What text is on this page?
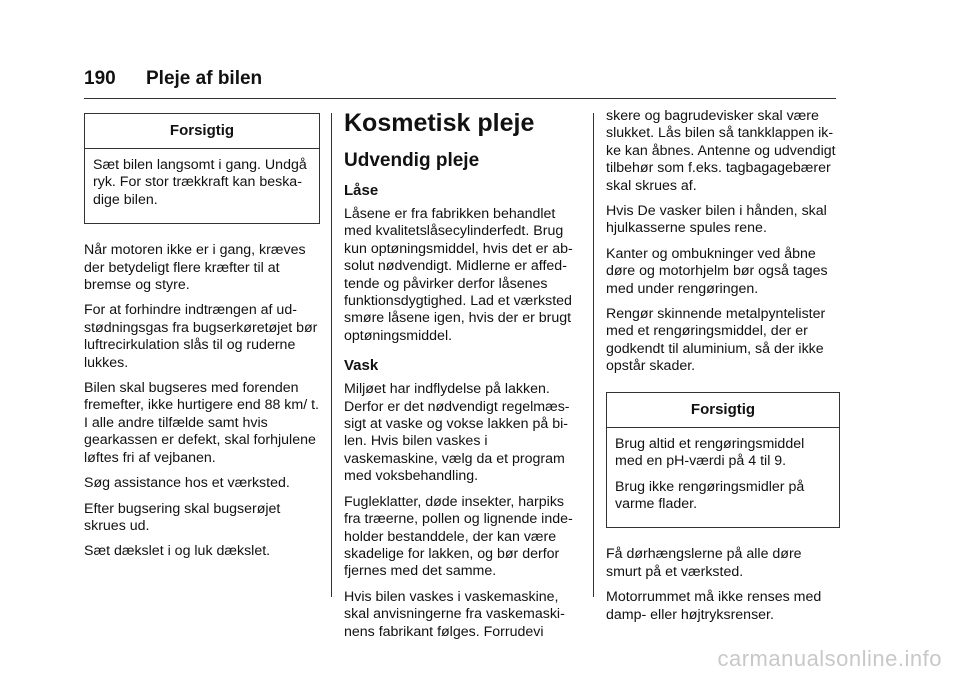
190 Pleje af bilen
Forsigtig

Sæt bilen langsomt i gang. Undgå ryk. For stor trækkraft kan beskadige bilen.

Når motoren ikke er i gang, kræves der betydeligt flere kræfter til at bremse og styre.

For at forhindre indtrængen af udstødningsgas fra bugserkøretøjet bør luftrecirkulation slås til og ruderne lukkes.

Bilen skal bugseres med forenden fremefter, ikke hurtigere end 88 km/ t. I alle andre tilfælde samt hvis gearkassen er defekt, skal forhjulene løftes fri af vejbanen.

Søg assistance hos et værksted.

Efter bugsering skal bugserøjet skrues ud.

Sæt dækslet i og luk dækslet.

Kosmetisk pleje
Udvendig pleje
Låse

Låsene er fra fabrikken behandlet med kvalitetslåsecylinderfedt. Brug kun optøningsmiddel, hvis det er absolut nødvendigt. Midlerne er affedtende og påvirker derfor låsenes funktionsdygtighed. Lad et værksted smøre låsene igen, hvis der er brugt optøningsmiddel.

Vask

Miljøet har indflydelse på lakken. Derfor er det nødvendigt regelmæssigt at vaske og vokse lakken på bilen. Hvis bilen vaskes i vaskemaskine, vælg da et program med voksbehandling.

Fugleklatter, døde insekter, harpiks fra træerne, pollen og lignende indeholder bestanddele, der kan være skadelige for lakken, og bør derfor fjernes med det samme.

Hvis bilen vaskes i vaskemaskine, skal anvisningerne fra vaskemaskinens fabrikant følges. Forrudevi

skere og bagrudevisker skal være slukket. Lås bilen så tankklappen ikke kan åbnes. Antenne og udvendigt tilbehør som f.eks. tagbagagebærer skal skrues af.

Hvis De vasker bilen i hånden, skal hjulkasserne spules rene.

Kanter og ombukninger ved åbne døre og motorhjelm bør også tages med under rengøringen.

Rengør skinnende metalpyntelister med et rengøringsmiddel, der er godkendt til aluminium, så der ikke opstår skader.

Forsigtig

Brug altid et rengøringsmiddel med en pH-værdi på 4 til 9.

Brug ikke rengøringsmidler på varme flader.

Få dørhængslerne på alle døre smurt på et værksted.

Motorrummet må ikke renses med damp- eller højtryksrenser.

carmanualsonline.info
